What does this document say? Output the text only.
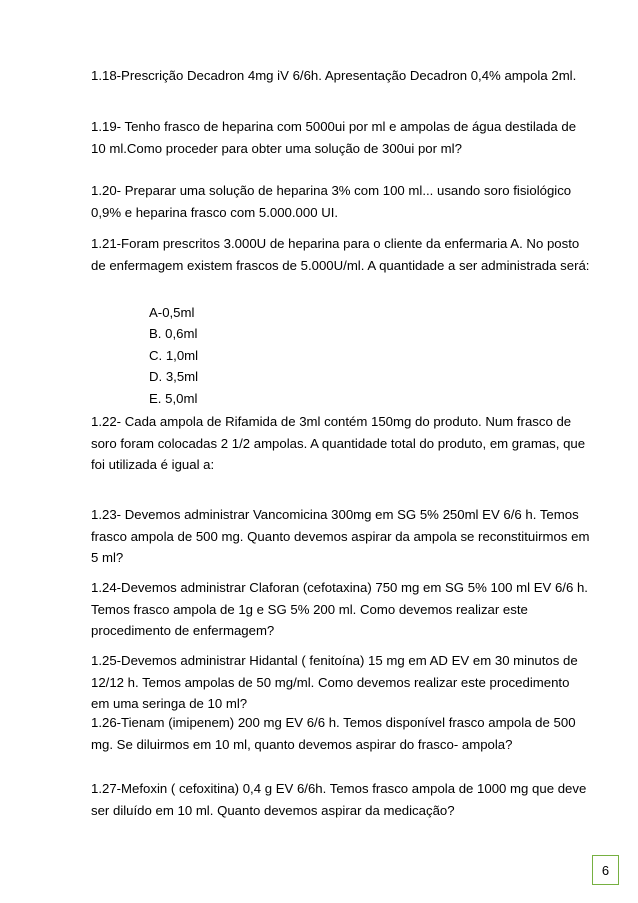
1.18-Prescrição Decadron 4mg iV 6/6h. Apresentação Decadron 0,4% ampola 2ml.

1.19- Tenho frasco de heparina com 5000ui por ml e ampolas de água destilada de 10 ml.Como proceder para obter uma solução de 300ui por ml?

1.20- Preparar uma solução de heparina 3% com 100 ml... usando soro fisiológico 0,9% e heparina frasco com 5.000.000 UI.

1.21-Foram prescritos 3.000U de heparina para o cliente da enfermaria A. No posto de enfermagem existem frascos de 5.000U/ml. A quantidade a ser administrada será:

A-0,5ml
B. 0,6ml
C. 1,0ml
D. 3,5ml
E. 5,0ml

1.22- Cada ampola de Rifamida de 3ml contém 150mg do produto. Num frasco de soro foram colocadas 2 1/2 ampolas. A quantidade total do produto, em gramas, que foi utilizada é igual a:

1.23- Devemos administrar Vancomicina 300mg em SG 5% 250ml EV 6/6 h. Temos frasco ampola de 500 mg. Quanto devemos aspirar da ampola se reconstituirmos em 5 ml?

1.24-Devemos administrar Claforan (cefotaxina) 750 mg em SG 5% 100 ml EV 6/6 h. Temos frasco ampola de 1g e SG 5% 200 ml. Como devemos realizar este procedimento de enfermagem?

1.25-Devemos administrar Hidantal ( fenitoína) 15 mg em AD EV em 30 minutos de 12/12 h. Temos ampolas de 50 mg/ml. Como devemos realizar este procedimento em uma seringa de 10 ml?

1.26-Tienam (imipenem) 200 mg EV 6/6 h. Temos disponível frasco ampola de 500 mg. Se diluirmos em 10 ml, quanto devemos aspirar do frasco- ampola?

1.27-Mefoxin ( cefoxitina) 0,4 g EV 6/6h. Temos frasco ampola de 1000 mg que deve ser diluído em 10 ml. Quanto devemos aspirar da medicação?

6
